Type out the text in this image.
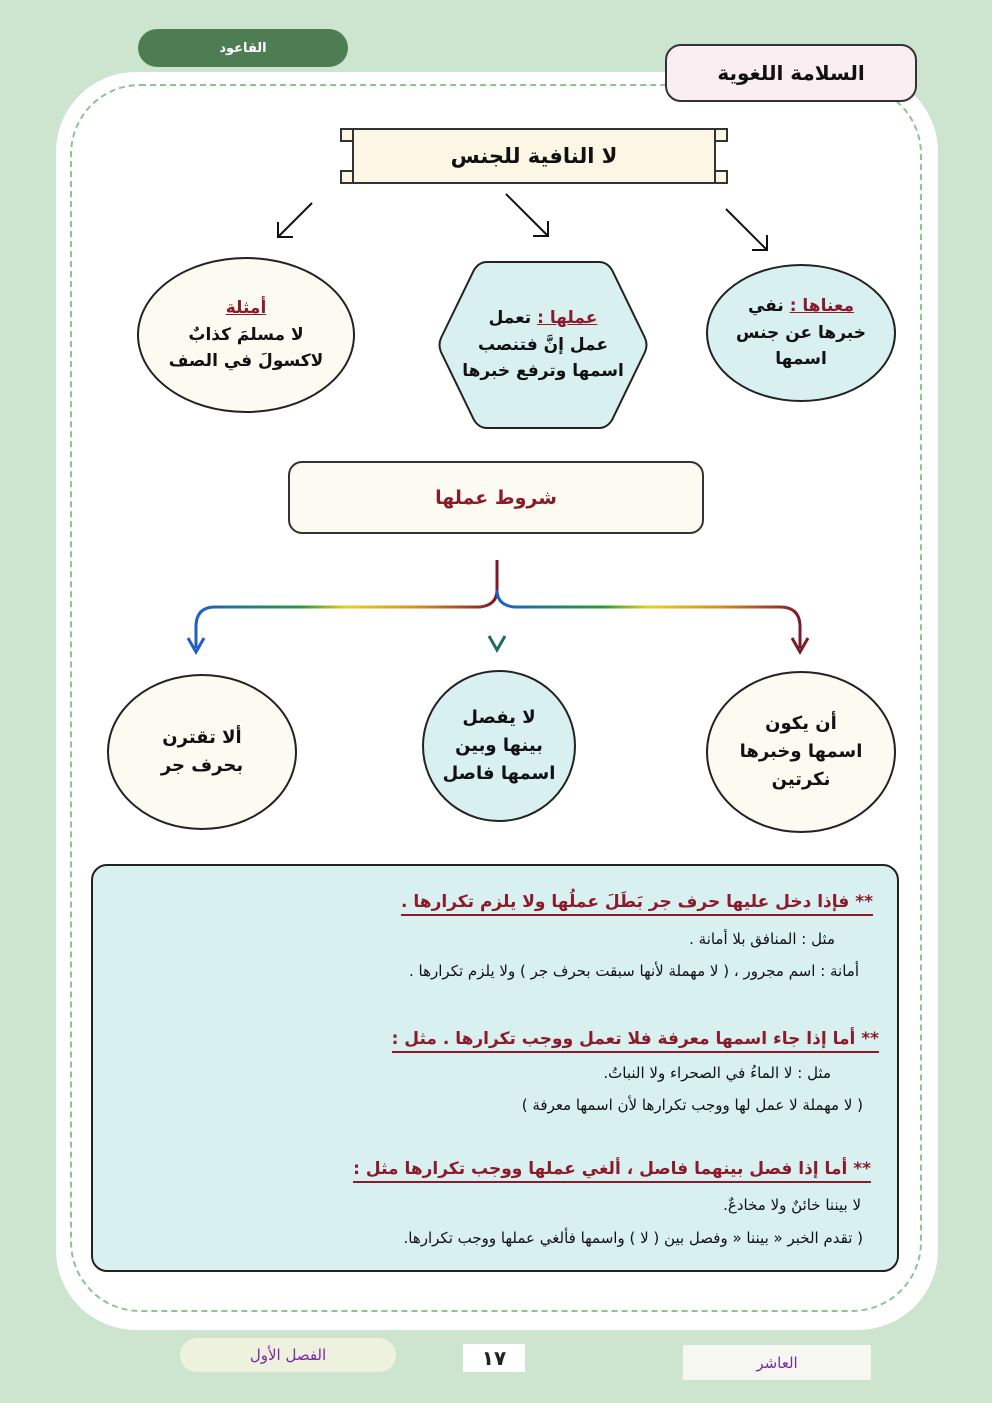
القاعود
السلامة اللغوية
لا النافية للجنس
أمثلة
لا مسلمَ كذابٌ
لاكسولَ في الصف
عملها : تعمل
عمل إنَّ فتنصب
اسمها وترفع خبرها
معناها : نفي
خبرها عن جنس
اسمها
شروط عملها
أن يكون
اسمها وخبرها
نكرتين
لا يفصل
بينها وبين
اسمها فاصل
ألا تقترن
بحرف جر
** فإذا دخل عليها حرف جر بَطَلَ عملُها ولا يلزم تكرارها .
مثل : المنافق بلا أمانة .
أمانة : اسم مجرور ، ( لا مهملة لأنها سبقت بحرف جر ) ولا يلزم تكرارها .
** أما إذا جاء اسمها معرفة فلا تعمل ووجب تكرارها . مثل :
مثل : لا الماءُ في الصحراء ولا النباتُ.
( لا مهملة لا عمل لها ووجب تكرارها لأن اسمها معرفة )
** أما إذا فصل بينهما فاصل ، ألغي عملها ووجب تكرارها مثل :
لا بيننا خائنٌ ولا مخادعٌ.
( تقدم الخبر « بيننا « وفصل بين ( لا ) واسمها فألغي عملها ووجب تكرارها.
الفصل الأول	١٧	العاشر
